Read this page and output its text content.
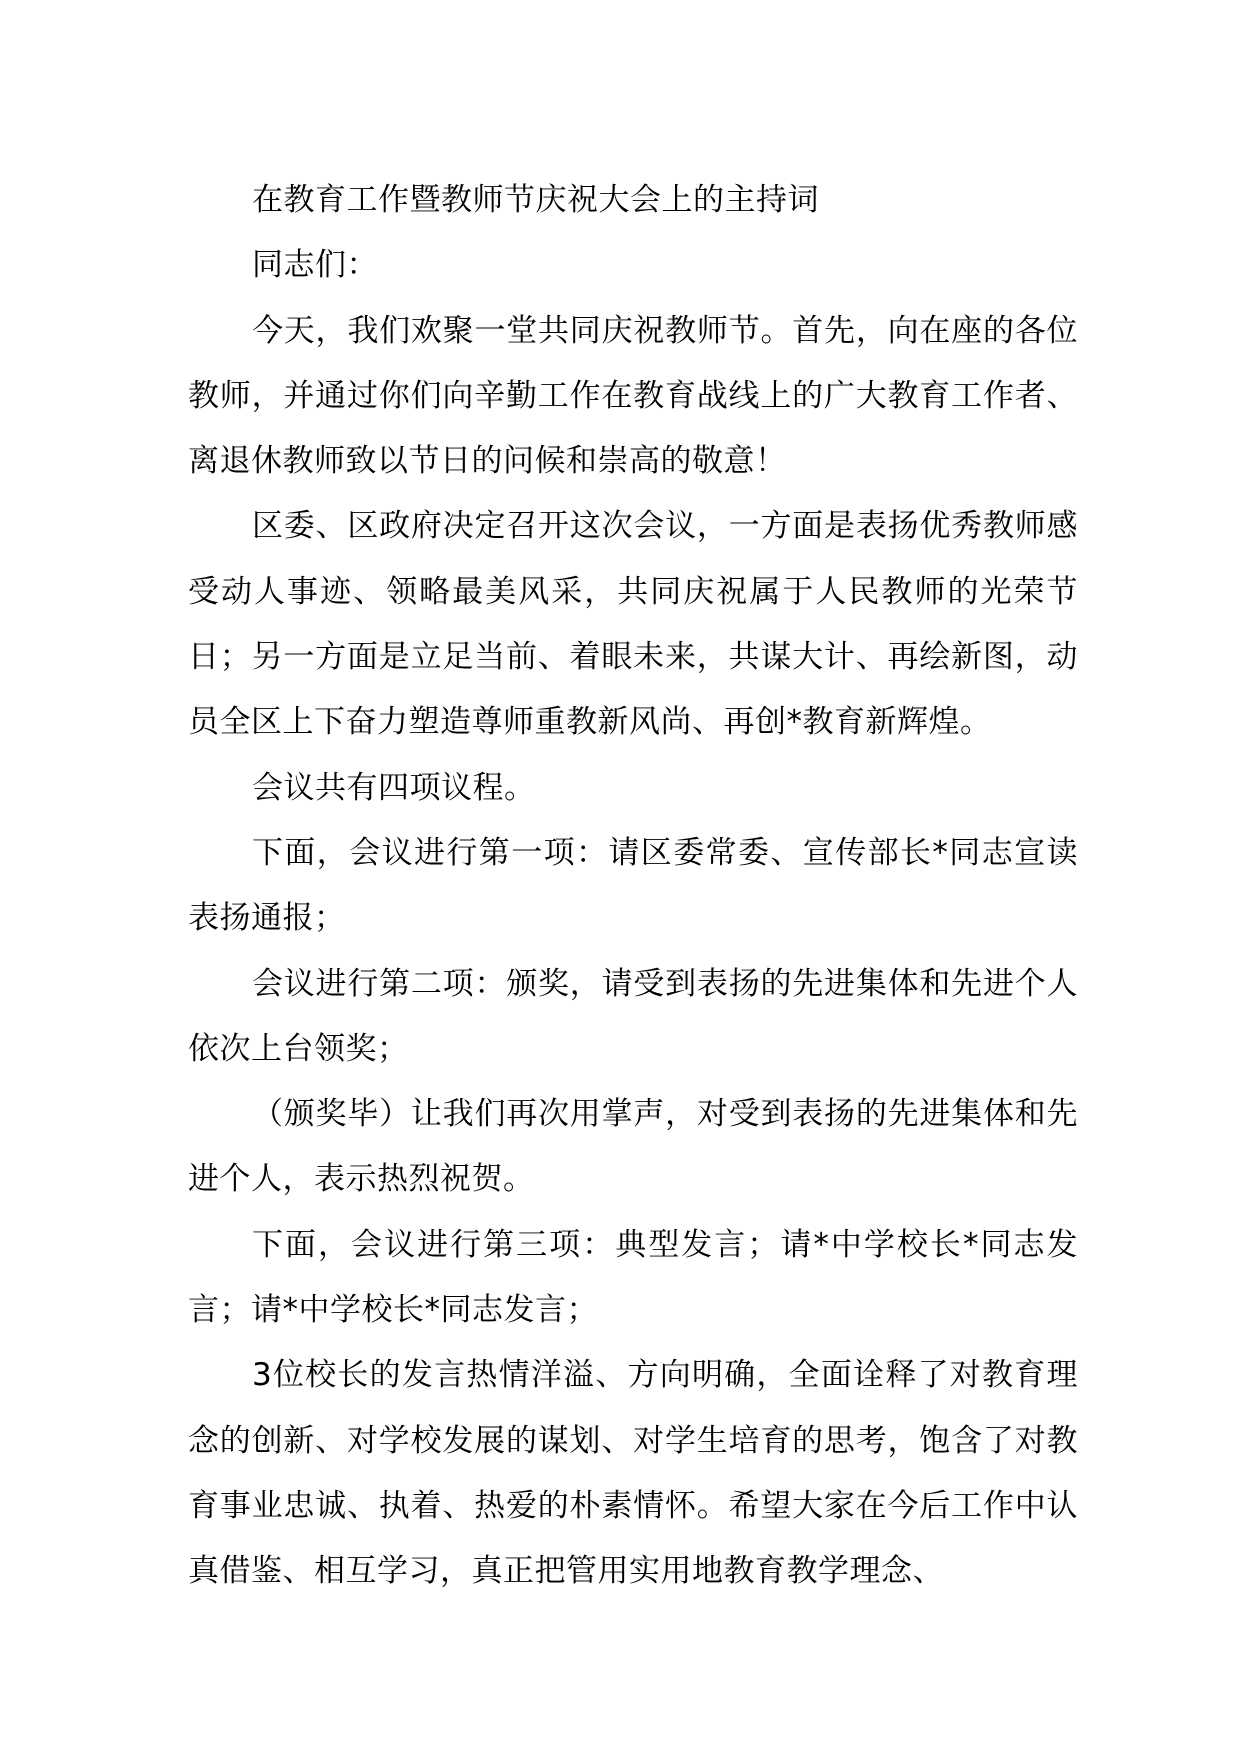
在教育工作暨教师节庆祝大会上的主持词

同志们：

今天，我们欢聚一堂共同庆祝教师节。首先，向在座的各位教师，并通过你们向辛勤工作在教育战线上的广大教育工作者、离退休教师致以节日的问候和崇高的敬意！

区委、区政府决定召开这次会议，一方面是表扬优秀教师感受动人事迹、领略最美风采，共同庆祝属于人民教师的光荣节日；另一方面是立足当前、着眼未来，共谋大计、再绘新图，动员全区上下奋力塑造尊师重教新风尚、再创*教育新辉煌。

会议共有四项议程。

下面，会议进行第一项：请区委常委、宣传部长*同志宣读表扬通报；

会议进行第二项：颁奖，请受到表扬的先进集体和先进个人依次上台领奖；

（颁奖毕）让我们再次用掌声，对受到表扬的先进集体和先进个人，表示热烈祝贺。

下面，会议进行第三项：典型发言；请*中学校长*同志发言；请*中学校长*同志发言；

3位校长的发言热情洋溢、方向明确，全面诠释了对教育理念的创新、对学校发展的谋划、对学生培育的思考，饱含了对教育事业忠诚、执着、热爱的朴素情怀。希望大家在今后工作中认真借鉴、相互学习，真正把管用实用地教育教学理念、
